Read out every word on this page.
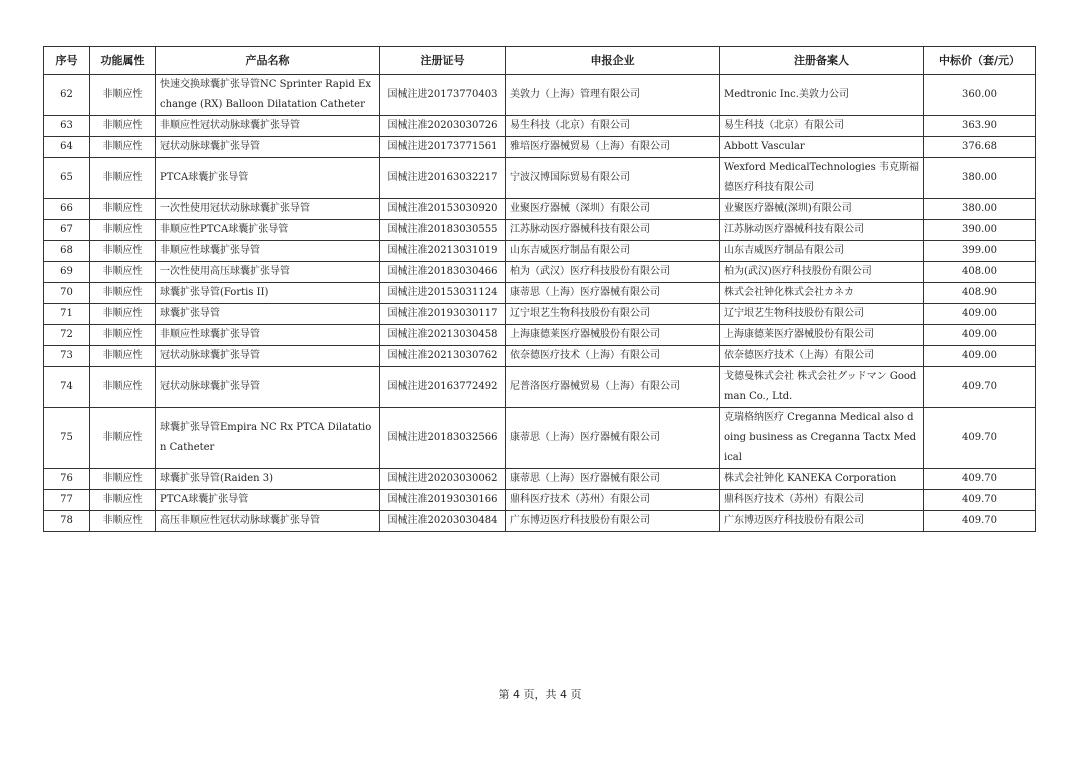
序号	功能属性	产品名称	注册证号	申报企业	注册备案人	中标价（套/元）
62	非顺应性	快速交换球囊扩张导管NC Sprinter Rapid Exchange (RX) Balloon Dilatation Catheter	国械注进20173770403	美敦力（上海）管理有限公司	Medtronic Inc.美敦力公司	360.00
63	非顺应性	非顺应性冠状动脉球囊扩张导管	国械注准20203030726	易生科技（北京）有限公司	易生科技（北京）有限公司	363.90
64	非顺应性	冠状动脉球囊扩张导管	国械注进20173771561	雅培医疗器械贸易（上海）有限公司	Abbott Vascular	376.68
65	非顺应性	PTCA球囊扩张导管	国械注进20163032217	宁波汉博国际贸易有限公司	Wexford MedicalTechnologies 韦克斯福德医疗科技有限公司	380.00
66	非顺应性	一次性使用冠状动脉球囊扩张导管	国械注准20153030920	业聚医疗器械（深圳）有限公司	业聚医疗器械(深圳)有限公司	380.00
67	非顺应性	非顺应性PTCA球囊扩张导管	国械注准20183030555	江苏脉动医疗器械科技有限公司	江苏脉动医疗器械科技有限公司	390.00
68	非顺应性	非顺应性球囊扩张导管	国械注准20213031019	山东吉威医疗制品有限公司	山东吉威医疗制品有限公司	399.00
69	非顺应性	一次性使用高压球囊扩张导管	国械注准20183030466	柏为（武汉）医疗科技股份有限公司	柏为(武汉)医疗科技股份有限公司	408.00
70	非顺应性	球囊扩张导管(Fortis II)	国械注进20153031124	康蒂思（上海）医疗器械有限公司	株式会社钟化株式会社カネカ	408.90
71	非顺应性	球囊扩张导管	国械注准20193030117	辽宁垠艺生物科技股份有限公司	辽宁垠艺生物科技股份有限公司	409.00
72	非顺应性	非顺应性球囊扩张导管	国械注准20213030458	上海康德莱医疗器械股份有限公司	上海康德莱医疗器械股份有限公司	409.00
73	非顺应性	冠状动脉球囊扩张导管	国械注准20213030762	依奈德医疗技术（上海）有限公司	依奈德医疗技术（上海）有限公司	409.00
74	非顺应性	冠状动脉球囊扩张导管	国械注进20163772492	尼普洛医疗器械贸易（上海）有限公司	戈德曼株式会社 株式会社グッドマン Goodman Co., Ltd.	409.70
75	非顺应性	球囊扩张导管Empira NC Rx PTCA Dilatation Catheter	国械注进20183032566	康蒂思（上海）医疗器械有限公司	克瑞格纳医疗 Creganna Medical also doing business as Creganna Tactx Medical	409.70
76	非顺应性	球囊扩张导管(Raiden 3)	国械注进20203030062	康蒂思（上海）医疗器械有限公司	株式会社钟化 KANEKA Corporation	409.70
77	非顺应性	PTCA球囊扩张导管	国械注准20193030166	鼎科医疗技术（苏州）有限公司	鼎科医疗技术（苏州）有限公司	409.70
78	非顺应性	高压非顺应性冠状动脉球囊扩张导管	国械注准20203030484	广东博迈医疗科技股份有限公司	广东博迈医疗科技股份有限公司	409.70
第 4 页，共 4 页
